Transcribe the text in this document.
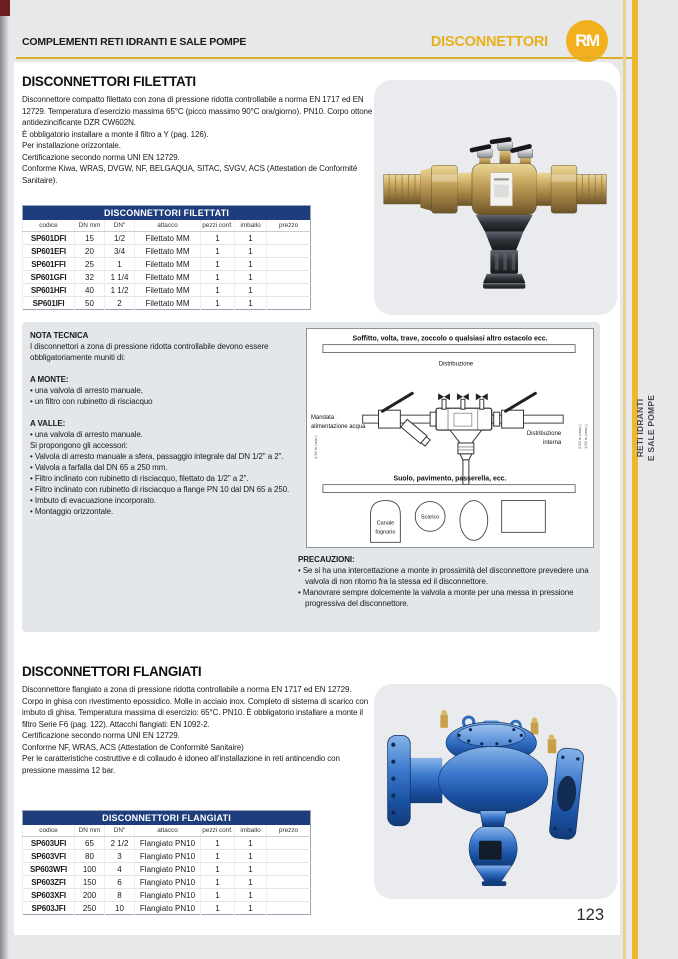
COMPLEMENTI RETI IDRANTI E SALE POMPE	DISCONNETTORI RM
DISCONNETTORI FILETTATI
Disconnettore compatto filettato con zona di pressione ridotta controllabile a norma EN 1717 ed EN 12729. Temperatura d’esercizio massima 65°C (picco massimo 90°C ora/giorno). PN10. Corpo ottone antidezincificante DZR CW602N.
È obbligatorio installare a monte il filtro a Y (pag. 126).
Per installazione orizzontale.
Certificazione secondo norma UNI EN 12729.
Conforme Kiwa, WRAS, DVGW, NF, BELGAQUA, SITAC, SVGV, ACS (Attestation de Conformité Sanitaire).
DISCONNETTORI FILETTATI						
codice	DN mm	DN"	attacco	pezzi conf.	imballo	prezzo
SP601DFI	15	1/2	Filettato MM	1	1	
SP601EFI	20	3/4	Filettato MM	1	1	
SP601FFI	25	1	Filettato MM	1	1	
SP601GFI	32	1 1/4	Filettato MM	1	1	
SP601HFI	40	1 1/2	Filettato MM	1	1	
SP601IFI	50	2	Filettato MM	1	1	
NOTA TECNICA
I disconnettori a zona di pressione ridotta controllabile devono essere obbligatoriamente muniti di:
A MONTE:
• una valvola di arresto manuale,
• un filtro con rubinetto di risciacquo
A VALLE:
• una valvola di arresto manuale.
Si propongono gli accessori:
• Valvola di arresto manuale a sfera, passaggio integrale dal DN 1/2" a 2".
• Valvola a farfalla dal DN 65 a 250 mm.
• Filtro inclinato con rubinetto di risciacquo, filettato da 1/2" a 2".
• Filtro inclinato con rubinetto di risciacquo a flange PN 10 dal DN 65 a 250.
• Imbuto di evacuazione incorporato.
• Montaggio orizzontale.
Soffitto, volta, trave, zoccolo o qualsiasi altro ostacolo ecc.
Distribuzione
Mandata
alimentazione acqua
Distribuzione
interna
0,50 m (min.)	0,50 m (max.) 1,50 m (max.)
Suolo, pavimento, passerella, ecc.
Canale
fognario
Scarico
PRECAUZIONI:
• Se si ha una intercettazione a monte in prossimità del disconnettore prevedere una valvola di non ritorno fra la stessa ed il disconnettore.
• Manovrare sempre dolcemente la valvola a monte per una messa in pressione progressiva del disconnettore.
DISCONNETTORI FLANGIATI
Disconnettore flangiato a zona di pressione ridotta controllabile a norma EN 1717 ed EN 12729. Corpo in ghisa con rivestimento epossidico. Molle in acciaio inox. Completo di sistema di scarico con imbuto di ghisa. Temperatura massima di esercizio: 65°C. PN10. È obbligatorio installare a monte il filtro Serie F6 (pag. 122). Attacchi flangiati: EN 1092-2.
Certificazione secondo norma UNI EN 12729.
Conforme NF, WRAS, ACS (Attestation de Conformité Sanitaire)
Per le caratteristiche costruttive e di collaudo è idoneo all’installazione in reti antincendio con pressione massima 12 bar.
DISCONNETTORI FLANGIATI						
codice	DN mm	DN"	attacco	pezzi conf.	imballo	prezzo
SP603UFI	65	2 1/2	Flangiato PN10	1	1	
SP603VFI	80	3	Flangiato PN10	1	1	
SP603WFI	100	4	Flangiato PN10	1	1	
SP603ZFI	150	6	Flangiato PN10	1	1	
SP603XFI	200	8	Flangiato PN10	1	1	
SP603JFI	250	10	Flangiato PN10	1	1		123
RETI IDRANTI E SALE POMPE
